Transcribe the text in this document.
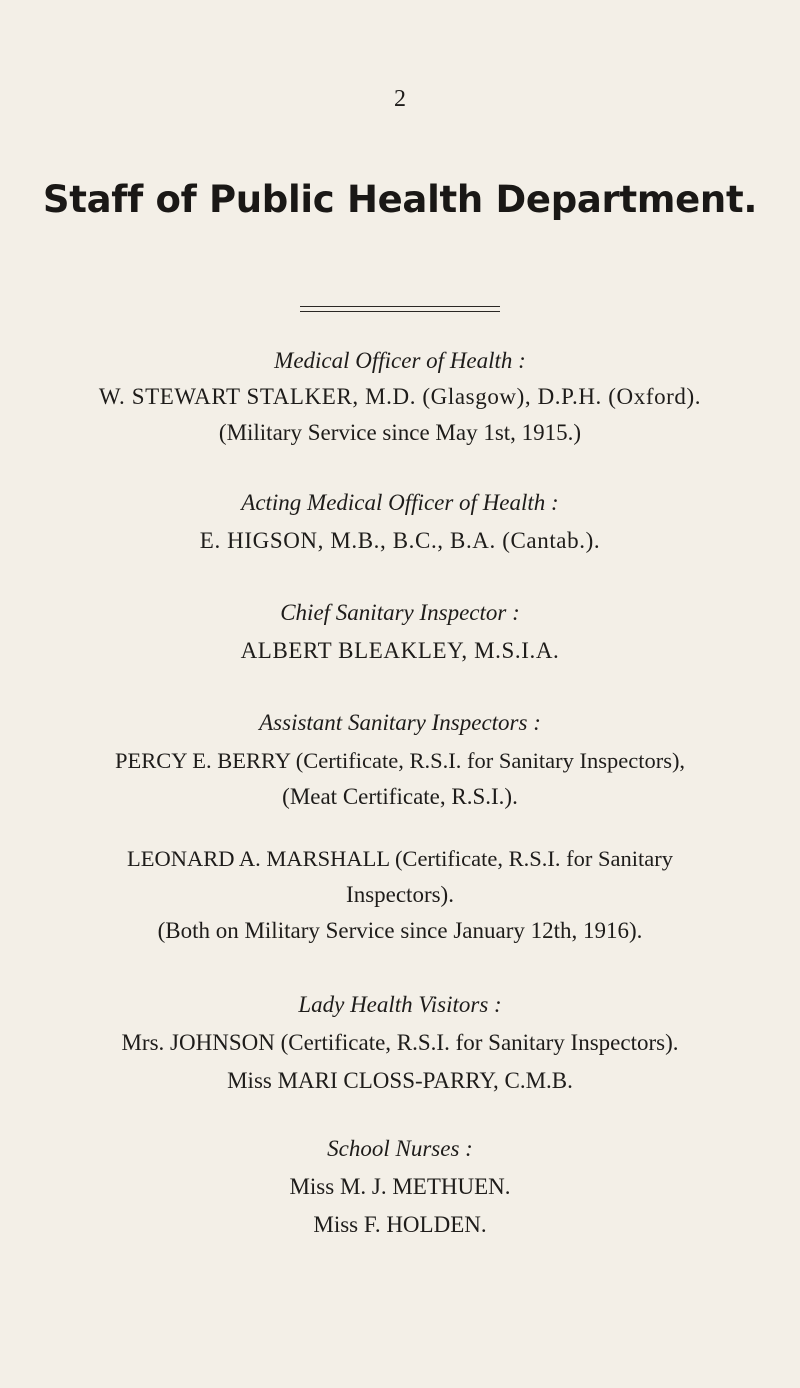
2
Staff of Public Health Department.
Medical Officer of Health :
W. STEWART STALKER, M.D. (Glasgow), D.P.H. (Oxford).
(Military Service since May 1st, 1915.)
Acting Medical Officer of Health :
E. HIGSON, M.B., B.C., B.A. (Cantab.).
Chief Sanitary Inspector :
ALBERT BLEAKLEY, M.S.I.A.
Assistant Sanitary Inspectors :
PERCY E. BERRY (Certificate, R.S.I. for Sanitary Inspectors),
(Meat Certificate, R.S.I.).
LEONARD A. MARSHALL (Certificate, R.S.I. for Sanitary
Inspectors).
(Both on Military Service since January 12th, 1916).
Lady Health Visitors :
Mrs. JOHNSON (Certificate, R.S.I. for Sanitary Inspectors).
Miss MARI CLOSS-PARRY, C.M.B.
School Nurses :
Miss M. J. METHUEN.
Miss F. HOLDEN.
